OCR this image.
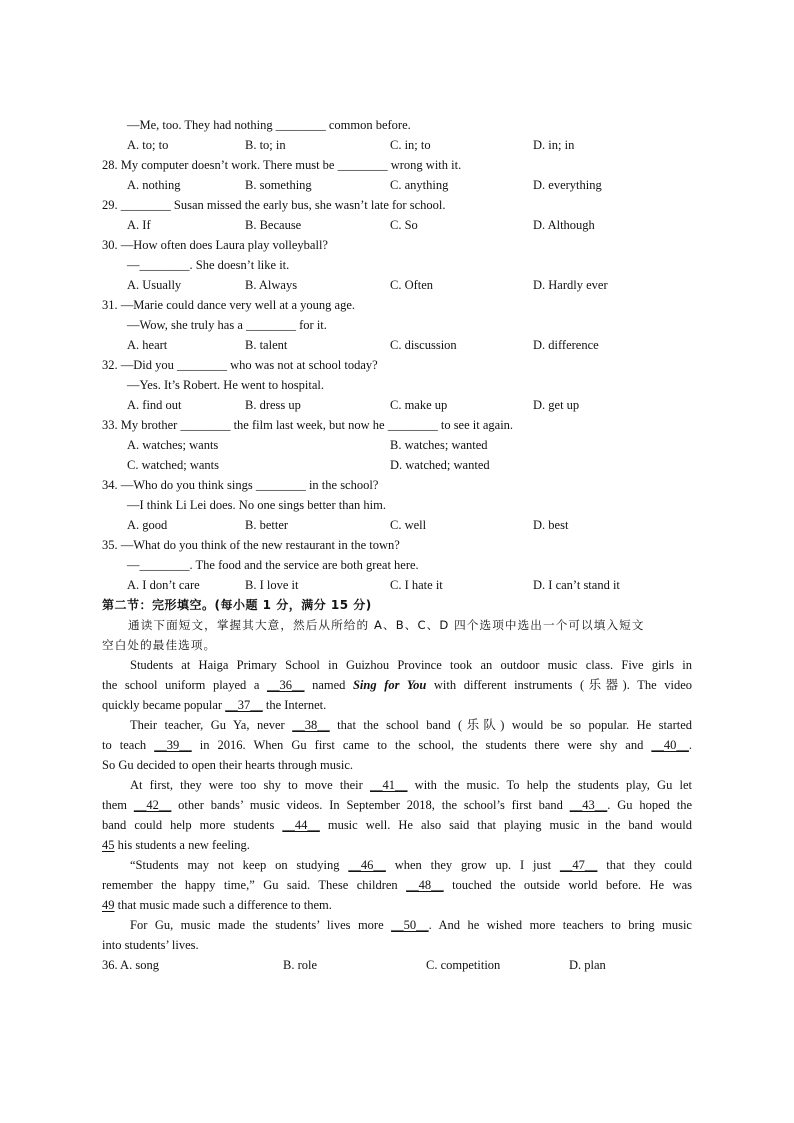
—Me, too. They had nothing ________ common before.
A. to; to	B. to; in	C. in; to	D. in; in
28. My computer doesn’t work. There must be ________ wrong with it.
A. nothing	B. something	C. anything	D. everything
29. ________ Susan missed the early bus, she wasn’t late for school.
A. If	B. Because	C. So	D. Although
30. —How often does Laura play volleyball?
—________. She doesn’t like it.
A. Usually	B. Always	C. Often	D. Hardly ever
31. —Marie could dance very well at a young age.
—Wow, she truly has a ________ for it.
A. heart	B. talent	C. discussion	D. difference
32. —Did you ________ who was not at school today?
—Yes. It’s Robert. He went to hospital.
A. find out	B. dress up	C. make up	D. get up
33. My brother ________ the film last week, but now he ________ to see it again.
A. watches; wants	B. watches; wanted
C. watched; wants	D. watched; wanted
34. —Who do you think sings ________ in the school?
—I think Li Lei does. No one sings better than him.
A. good	B. better	C. well	D. best
35. —What do you think of the new restaurant in the town?
—________. The food and the service are both great here.
A. I don’t care	B. I love it	C. I hate it	D. I can’t stand it
第二节：完形填空。(每小题 1 分，满分 15 分)
通读下面短文，掌握其大意，然后从所给的 A、B、C、D 四个选项中选出一个可以填入短文
空白处的最佳选项。
Students at Haiga Primary School in Guizhou Province took an outdoor music class. Five girls in
the school uniform played a __36__ named Sing for You with different instruments (乐器). The video
quickly became popular __37__ the Internet.
Their teacher, Gu Ya, never __38__ that the school band (乐队) would be so popular. He started
to teach __39__ in 2016. When Gu first came to the school, the students there were shy and __40__.
So Gu decided to open their hearts through music.
At first, they were too shy to move their __41__ with the music. To help the students play, Gu let
them __42__ other bands’ music videos. In September 2018, the school’s first band __43__. Gu hoped the
band could help more students __44__ music well. He also said that playing music in the band would
45 his students a new feeling.
“Students may not keep on studying __46__ when they grow up. I just __47__ that they could
remember the happy time,” Gu said. These children __48__ touched the outside world before. He was
49 that music made such a difference to them.
For Gu, music made the students’ lives more __50__. And he wished more teachers to bring music
into students’ lives.
36. A. song	B. role	C. competition	D. plan
